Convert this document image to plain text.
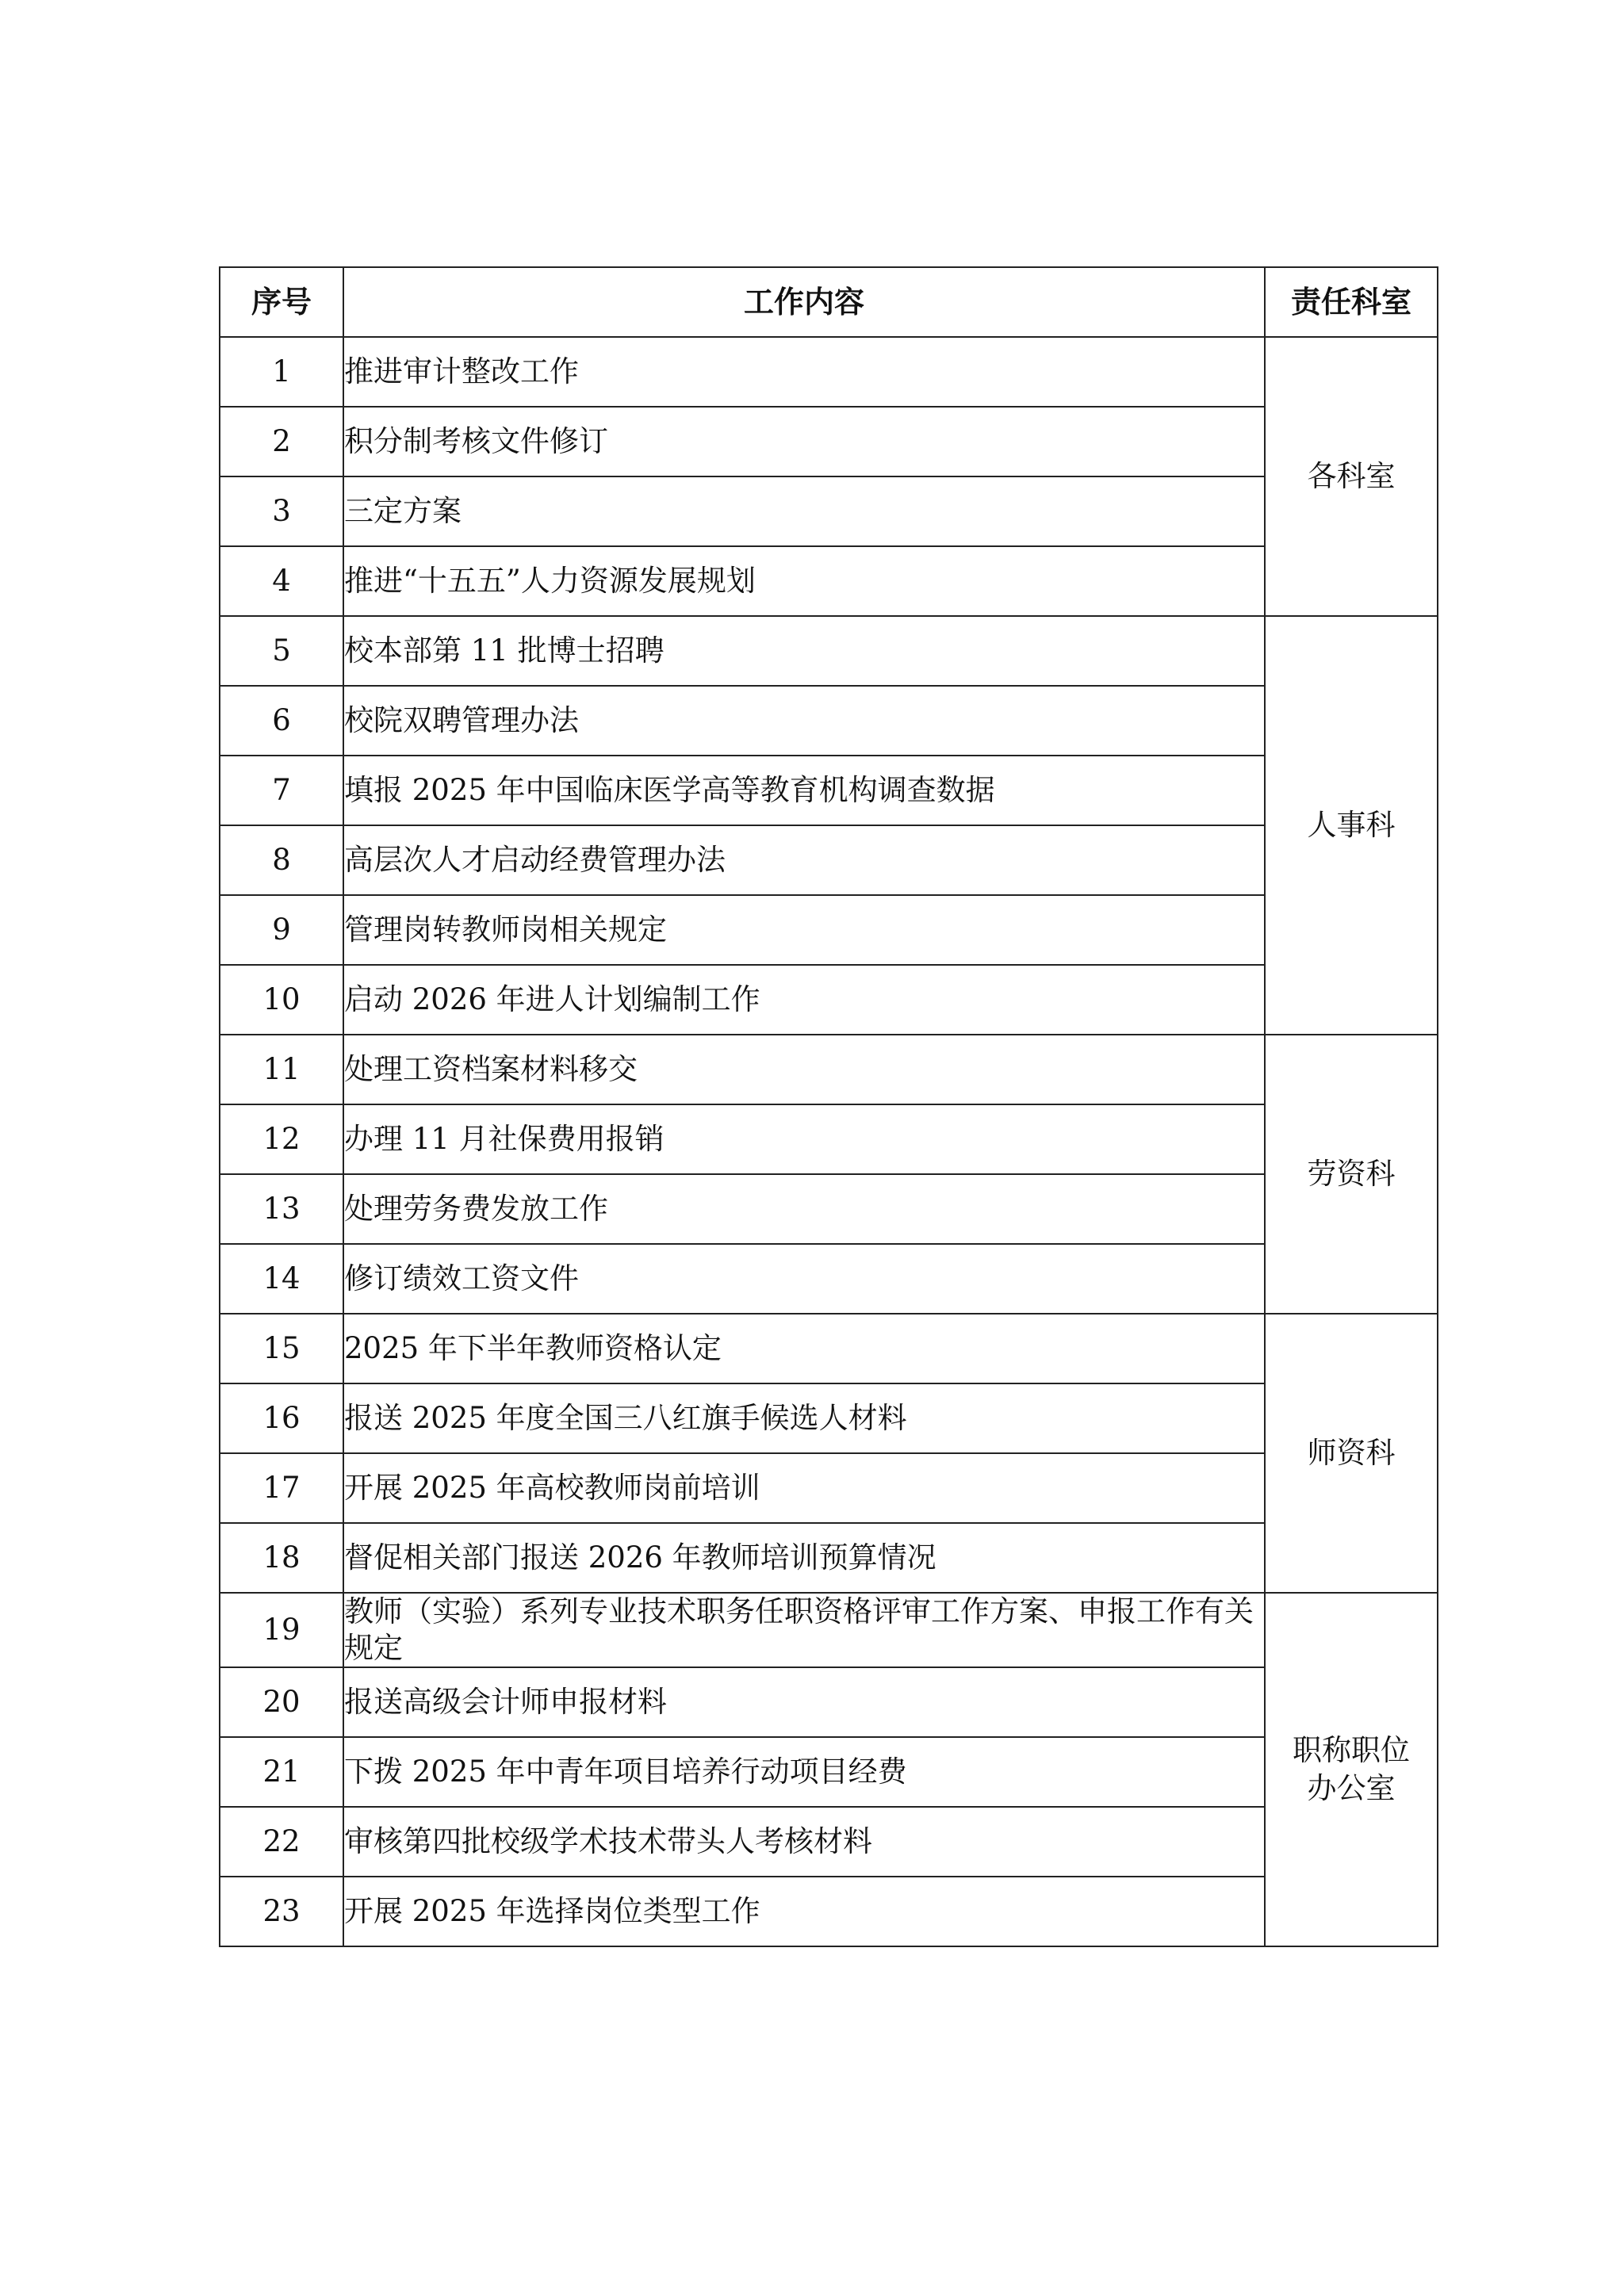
序号	工作内容	责任科室
1	推进审计整改工作	各科室

2	积分制考核文件修订	
3	三定方案	
4	推进“十五五”人力资源发展规划	
5	校本部第 11 批博士招聘	人事科

6	校院双聘管理办法	
7	填报 2025 年中国临床医学高等教育机构调查数据	
8	高层次人才启动经费管理办法	
9	管理岗转教师岗相关规定	
10	启动 2026 年进人计划编制工作	
11	处理工资档案材料移交	劳资科

12	办理 11 月社保费用报销	
13	处理劳务费发放工作	
14	修订绩效工资文件	
15	2025 年下半年教师资格认定	师资科

16	报送 2025 年度全国三八红旗手候选人材料	
17	开展 2025 年高校教师岗前培训	
18	督促相关部门报送 2026 年教师培训预算情况	
19	教师（实验）系列专业技术职务任职资格评审工作方案、申报工作有关规定	职称职位
办公室

20	报送高级会计师申报材料	
21	下拨 2025 年中青年项目培养行动项目经费	
22	审核第四批校级学术技术带头人考核材料	
23	开展 2025 年选择岗位类型工作	
